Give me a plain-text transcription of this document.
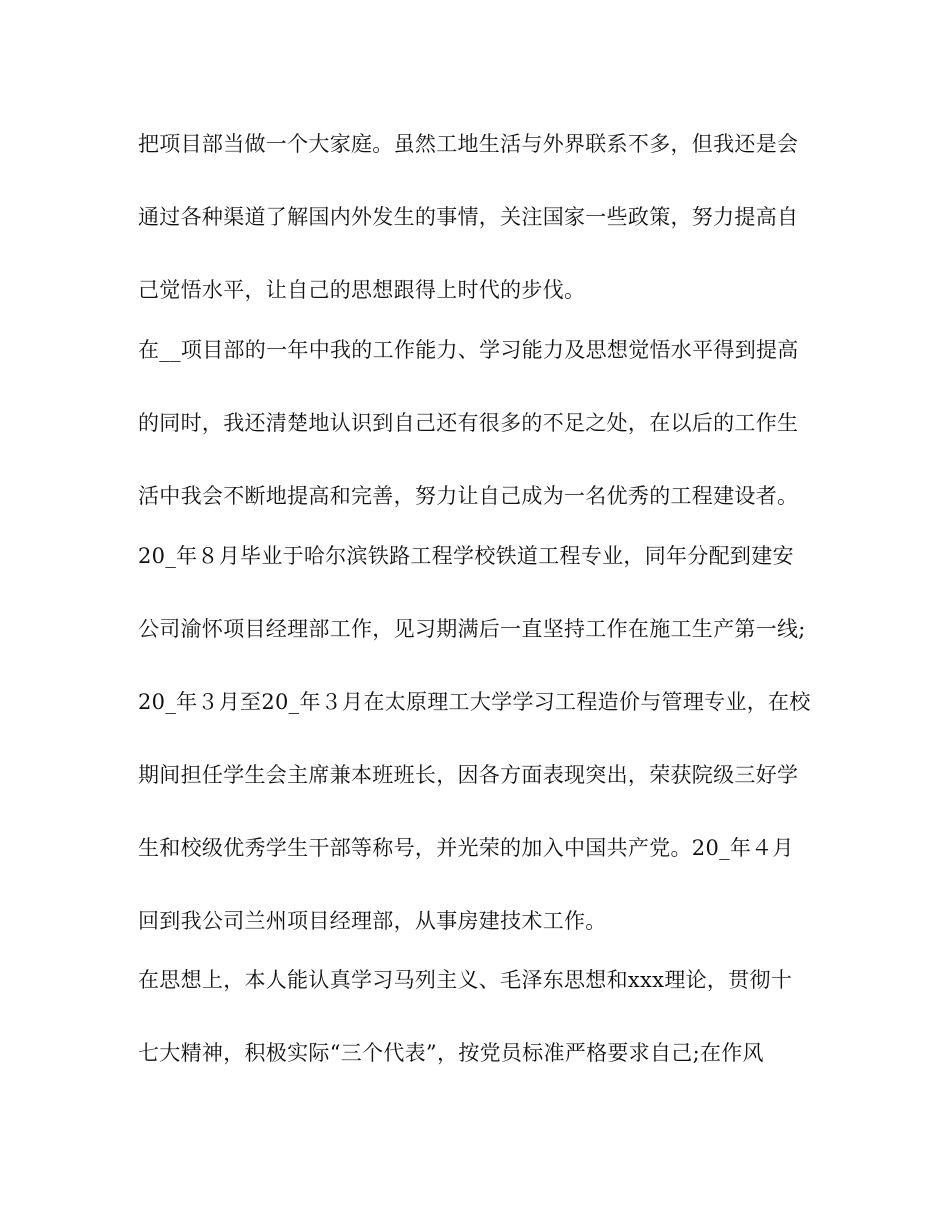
把项目部当做一个大家庭。虽然工地生活与外界联系不多，但我还是会

通过各种渠道了解国内外发生的事情，关注国家一些政策，努力提高自

己觉悟水平，让自己的思想跟得上时代的步伐。

在__项目部的一年中我的工作能力、学习能力及思想觉悟水平得到提高

的同时，我还清楚地认识到自己还有很多的不足之处，在以后的工作生

活中我会不断地提高和完善，努力让自己成为一名优秀的工程建设者。

20_年８月毕业于哈尔滨铁路工程学校铁道工程专业，同年分配到建安

公司渝怀项目经理部工作，见习期满后一直坚持工作在施工生产第一线;

20_年３月至20_年３月在太原理工大学学习工程造价与管理专业，在校

期间担任学生会主席兼本班班长，因各方面表现突出，荣获院级三好学

生和校级优秀学生干部等称号，并光荣的加入中国共产党。20_年４月

回到我公司兰州项目经理部，从事房建技术工作。

在思想上，本人能认真学习马列主义、毛泽东思想和xxx理论，贯彻十

七大精神，积极实际“三个代表”，按党员标准严格要求自己;在作风
